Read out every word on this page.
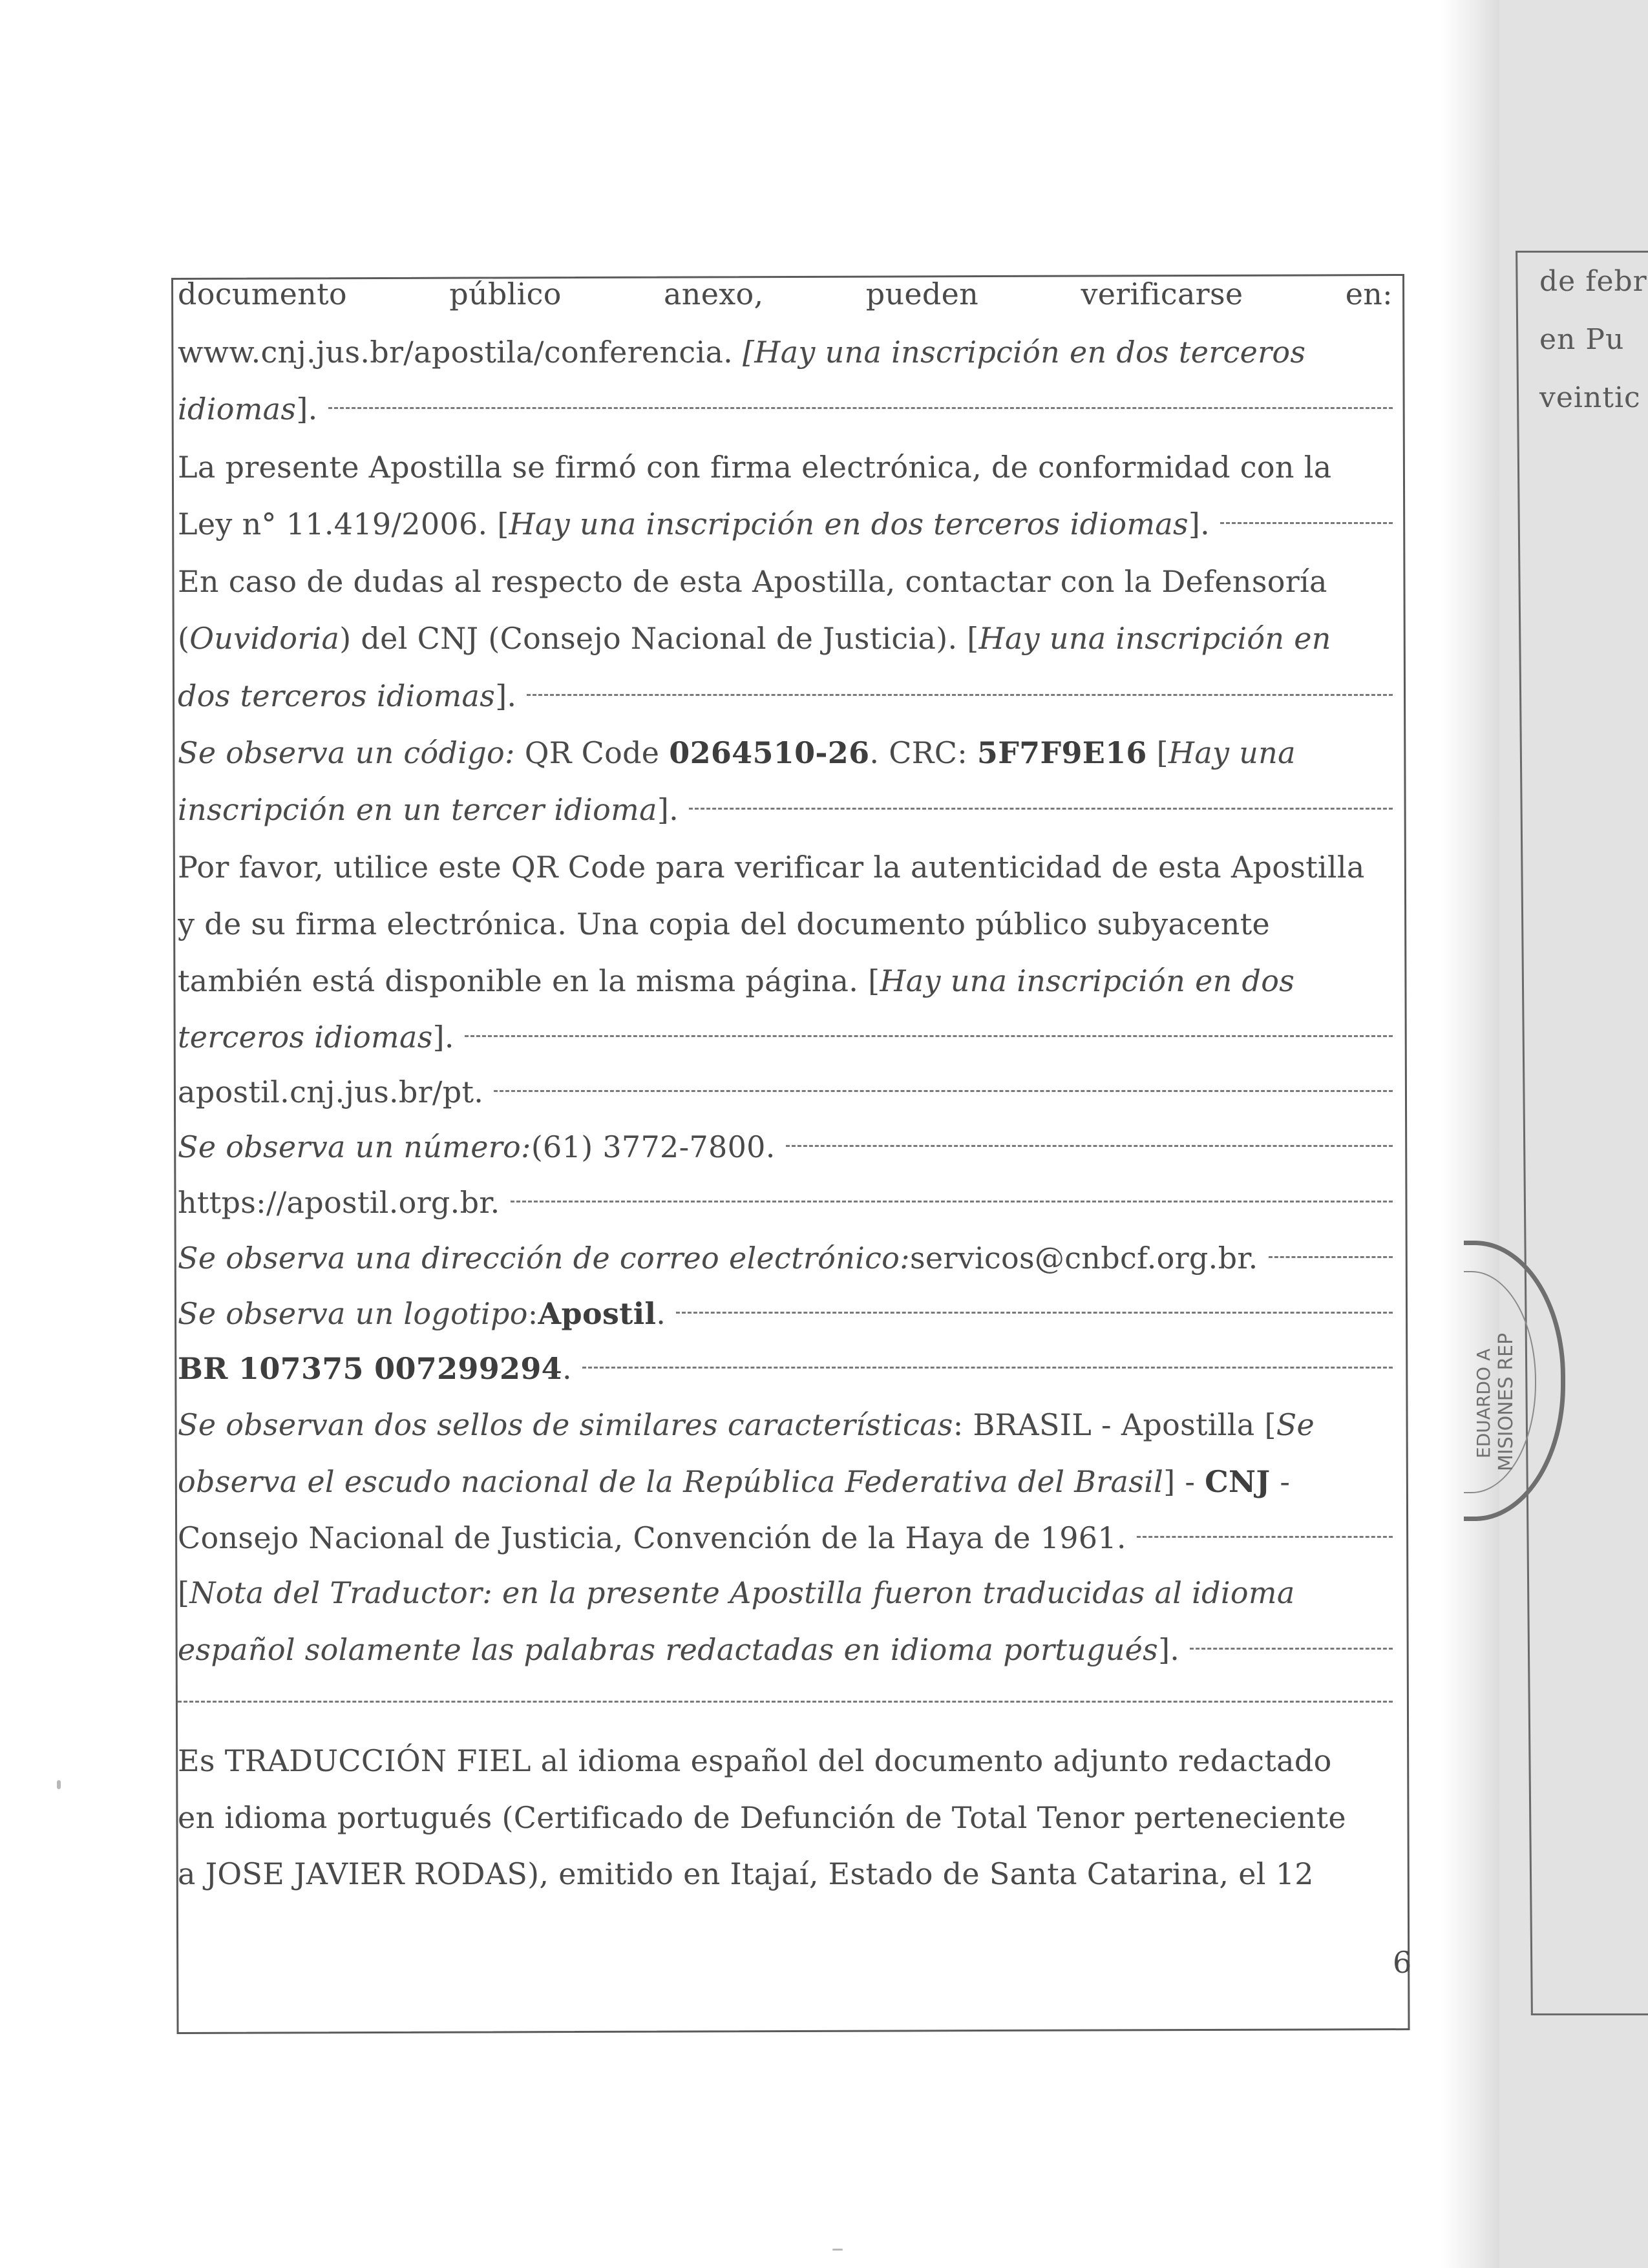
de febr
en Pu
veintic
EDUARDO A MISIONES REP
documento	público	anexo,	pueden	verificarse	en:
www.cnj.jus.br/apostila/conferencia. [Hay una inscripción en dos terceros
idiomas ].
La presente Apostilla se firmó con firma electrónica, de conformidad con la
Ley n° 11.419/2006. [ Hay una inscripción en dos terceros idiomas ].
En caso de dudas al respecto de esta Apostilla, contactar con la Defensoría
(Ouvidoria) del CNJ (Consejo Nacional de Justicia). [Hay una inscripción en
dos terceros idiomas ].
Se observa un código: QR Code 0264510-26. CRC: 5F7F9E16 [Hay una
inscripción en un tercer idioma ].
Por favor, utilice este QR Code para verificar la autenticidad de esta Apostilla
y de su firma electrónica. Una copia del documento público subyacente
también está disponible en la misma página. [Hay una inscripción en dos
terceros idiomas ].
apostil.cnj.jus.br/pt.
Se observa un número: (61) 3772-7800.
https://apostil.org.br.
Se observa una dirección de correo electrónico: servicos@cnbcf.org.br.
Se observa un logotipo : Apostil .
BR 107375 007299294 .
Se observan dos sellos de similares características: BRASIL - Apostilla [Se
observa el escudo nacional de la República Federativa del Brasil] - CNJ -
Consejo Nacional de Justicia, Convención de la Haya de 1961.
[Nota del Traductor: en la presente Apostilla fueron traducidas al idioma
español solamente las palabras redactadas en idioma portugués ].
Es TRADUCCIÓN FIEL al idioma español del documento adjunto redactado
en idioma portugués (Certificado de Defunción de Total Tenor perteneciente
a JOSE JAVIER RODAS), emitido en Itajaí, Estado de Santa Catarina, el 12
6
